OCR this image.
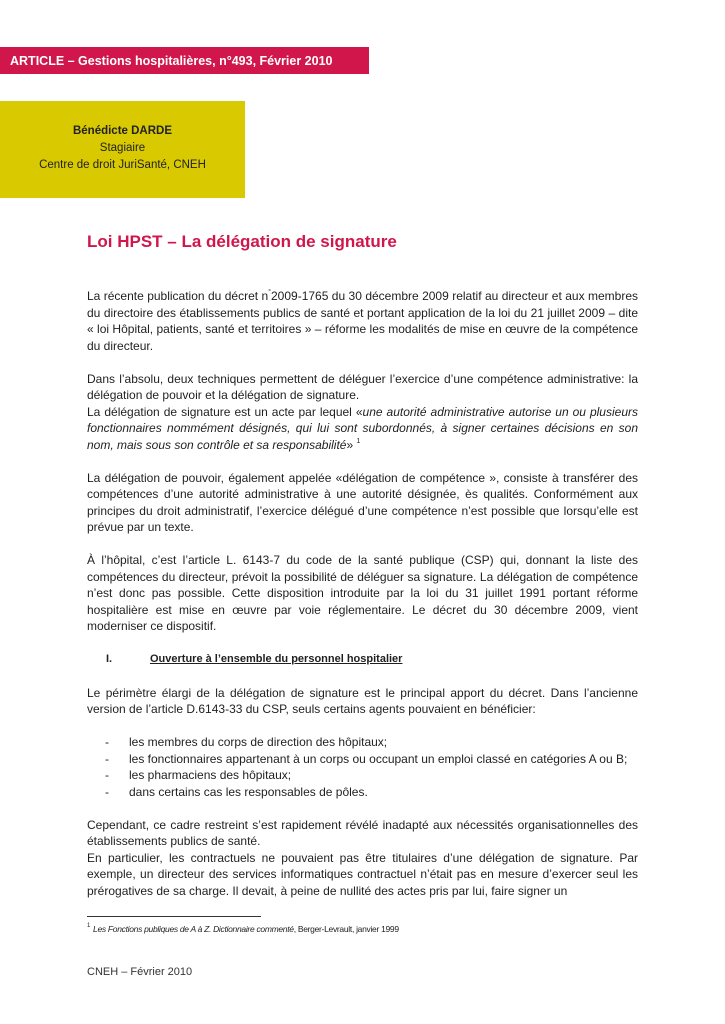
ARTICLE – Gestions hospitalières, n°493, Février 2010
Bénédicte DARDE
Stagiaire
Centre de droit JuriSanté, CNEH
Loi HPST – La délégation de signature

La récente publication du décret n°2009-1765 du 30 décembre 2009 relatif au directeur et aux membres du directoire des établissements publics de santé et portant application de la loi du 21 juillet 2009 – dite « loi Hôpital, patients, santé et territoires » – réforme les modalités de mise en œuvre de la compétence du directeur.

Dans l’absolu, deux techniques permettent de déléguer l’exercice d’une compétence administrative: la délégation de pouvoir et la délégation de signature.

La délégation de signature est un acte par lequel «une autorité administrative autorise un ou plusieurs fonctionnaires nommément désignés, qui lui sont subordonnés, à signer certaines décisions en son nom, mais sous son contrôle et sa responsabilité» $^1$

La délégation de pouvoir, également appelée «délégation de compétence », consiste à transférer des compétences d’une autorité administrative à une autorité désignée, ès qualités. Conformément aux principes du droit administratif, l’exercice délégué d’une compétence n’est possible que lorsqu’elle est prévue par un texte.

À l’hôpital, c’est l’article L. 6143-7 du code de la santé publique (CSP) qui, donnant la liste des compétences du directeur, prévoit la possibilité de déléguer sa signature. La délégation de compétence n’est donc pas possible. Cette disposition introduite par la loi du 31 juillet 1991 portant réforme hospitalière est mise en œuvre par voie réglementaire. Le décret du 30 décembre 2009, vient moderniser ce dispositif.

I.	Ouverture à l’ensemble du personnel hospitalier

Le périmètre élargi de la délégation de signature est le principal apport du décret. Dans l’ancienne version de l’article D.6143-33 du CSP, seuls certains agents pouvaient en bénéficier:

- les membres du corps de direction des hôpitaux;
- les fonctionnaires appartenant à un corps ou occupant un emploi classé en catégories A ou B;
- les pharmaciens des hôpitaux;
- dans certains cas les responsables de pôles.

Cependant, ce cadre restreint s’est rapidement révélé inadapté aux nécessités organisationnelles des établissements publics de santé.

En particulier, les contractuels ne pouvaient pas être titulaires d’une délégation de signature. Par exemple, un directeur des services informatiques contractuel n’était pas en mesure d’exercer seul les prérogatives de sa charge. Il devait, à peine de nullité des actes pris par lui, faire signer un

$^1$ Les Fonctions publiques de A à Z. Dictionnaire commenté, Berger-Levrault, janvier 1999
CNEH – Février 2010
